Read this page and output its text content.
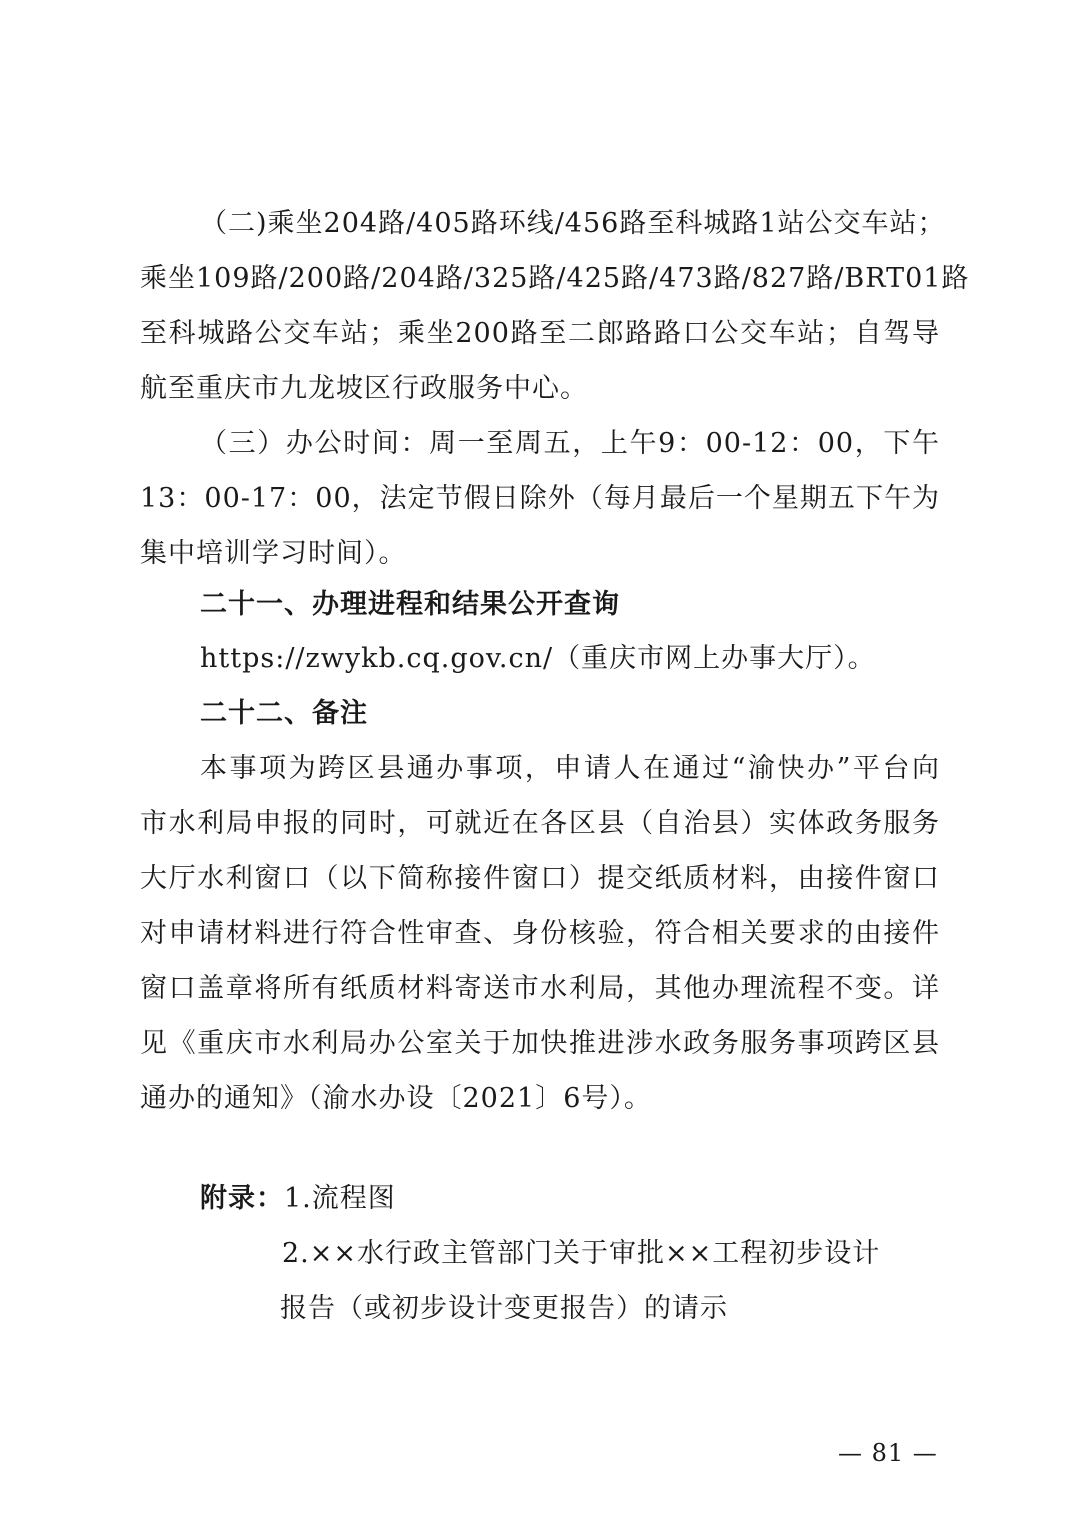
（二)乘坐204路/405路环线/456路至科城路1站公交车站；
乘坐109路/200路/204路/325路/425路/473路/827路/BRT01路
至科城路公交车站；乘坐200路至二郎路路口公交车站；自驾导
航至重庆市九龙坡区行政服务中心。
（三）办公时间：周一至周五，上午9：00-12：00，下午
13：00-17：00，法定节假日除外（每月最后一个星期五下午为
集中培训学习时间）。
二十一、办理进程和结果公开查询
https://zwykb.cq.gov.cn/（重庆市网上办事大厅）。
二十二、备注
本事项为跨区县通办事项，申请人在通过“渝快办”平台向
市水利局申报的同时，可就近在各区县（自治县）实体政务服务
大厅水利窗口（以下简称接件窗口）提交纸质材料，由接件窗口
对申请材料进行符合性审查、身份核验，符合相关要求的由接件
窗口盖章将所有纸质材料寄送市水利局，其他办理流程不变。详
见《重庆市水利局办公室关于加快推进涉水政务服务事项跨区县
通办的通知》（渝水办设〔2021〕6号）。
附录：1.流程图
2.××水行政主管部门关于审批××工程初步设计
报告（或初步设计变更报告）的请示
— 81 —
